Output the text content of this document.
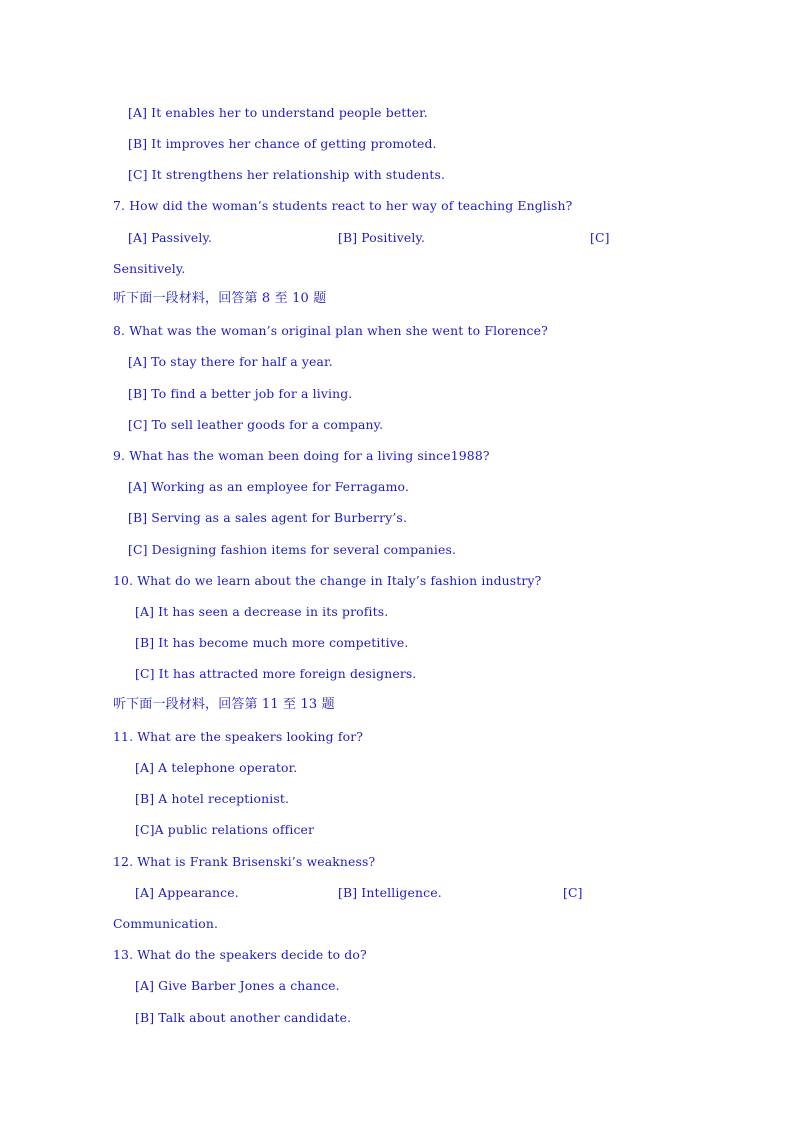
[A] It enables her to understand people better.
[B] It improves her chance of getting promoted.
[C] It strengthens her relationship with students.
7. How did the woman’s students react to her way of teaching English?
[A] Passively.	[B] Positively.	[C]
Sensitively.
听下面一段材料，回答第 8 至 10 题
8. What was the woman’s original plan when she went to Florence?
[A] To stay there for half a year.
[B] To find a better job for a living.
[C] To sell leather goods for a company.
9. What has the woman been doing for a living since1988?
[A] Working as an employee for Ferragamo.
[B] Serving as a sales agent for Burberry’s.
[C] Designing fashion items for several companies.
10. What do we learn about the change in Italy’s fashion industry?
[A] It has seen a decrease in its profits.
[B] It has become much more competitive.
[C] It has attracted more foreign designers.
听下面一段材料，回答第 11 至 13 题
11. What are the speakers looking for?
[A] A telephone operator.
[B] A hotel receptionist.
[C]A public relations officer
12. What is Frank Brisenski’s weakness?
[A] Appearance.	[B] Intelligence.	[C]
Communication.
13. What do the speakers decide to do?
[A] Give Barber Jones a chance.
[B] Talk about another candidate.
